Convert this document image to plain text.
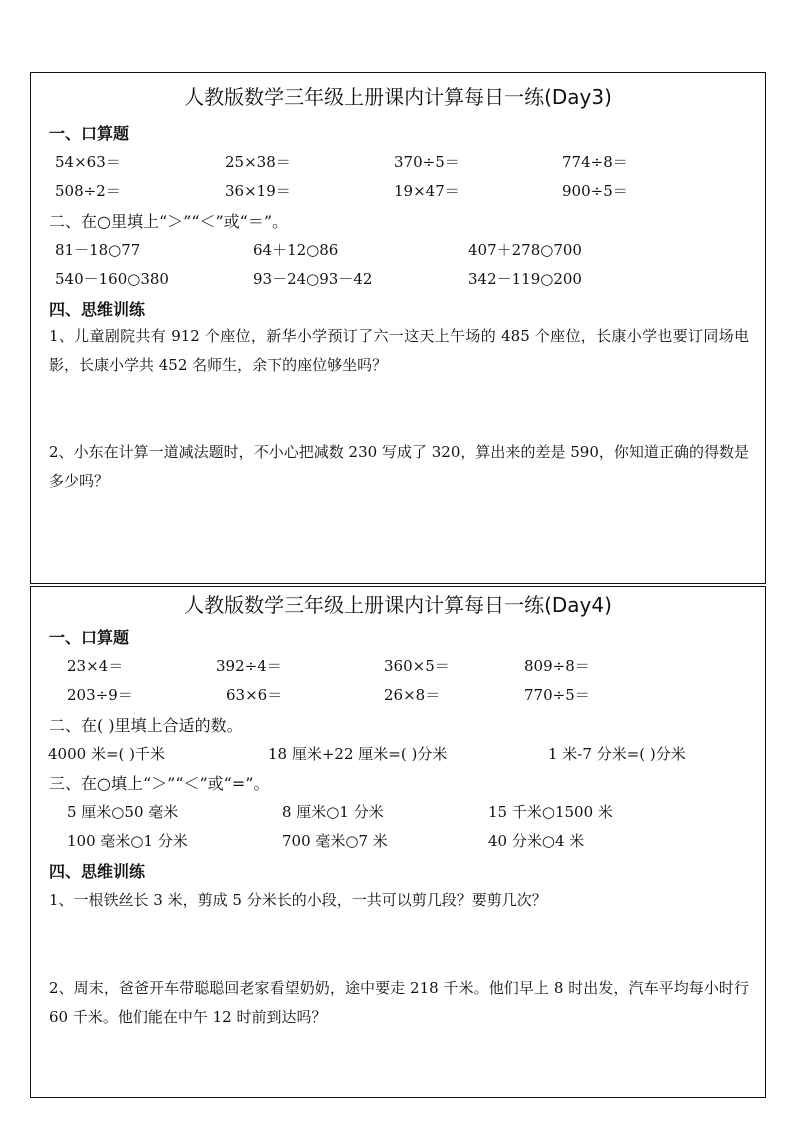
人教版数学三年级上册课内计算每日一练(Day3)
一、口算题
54×63＝	25×38＝	370÷5＝	774÷8＝
508÷2＝	36×19＝	19×47＝	900÷5＝
二、在○里填上“＞”“＜”或“＝”。
81－18○77	64＋12○86	407＋278○700
540－160○380	93－24○93－42	342－119○200
四、思维训练
1、儿童剧院共有 912 个座位，新华小学预订了六一这天上午场的 485 个座位，长康小学也要订同场电影，长康小学共 452 名师生，余下的座位够坐吗？
2、小东在计算一道减法题时，不小心把减数 230 写成了 320，算出来的差是 590，你知道正确的得数是多少吗？
人教版数学三年级上册课内计算每日一练(Day4)
一、口算题
23×4＝	392÷4＝	360×5＝	809÷8＝
203÷9＝	63×6＝	26×8＝	770÷5＝
二、在( )里填上合适的数。
4000 米=( )千米	18 厘米+22 厘米=( )分米	1 米-7 分米=( )分米
三、在○填上“＞”“＜”或“=”。
5 厘米○50 毫米	8 厘米○1 分米	15 千米○1500 米
100 毫米○1 分米	700 毫米○7 米	40 分米○4 米
四、思维训练
1、一根铁丝长 3 米，剪成 5 分米长的小段，一共可以剪几段？要剪几次？
2、周末，爸爸开车带聪聪回老家看望奶奶，途中要走 218 千米。他们早上 8 时出发，汽车平均每小时行 60 千米。他们能在中午 12 时前到达吗？
